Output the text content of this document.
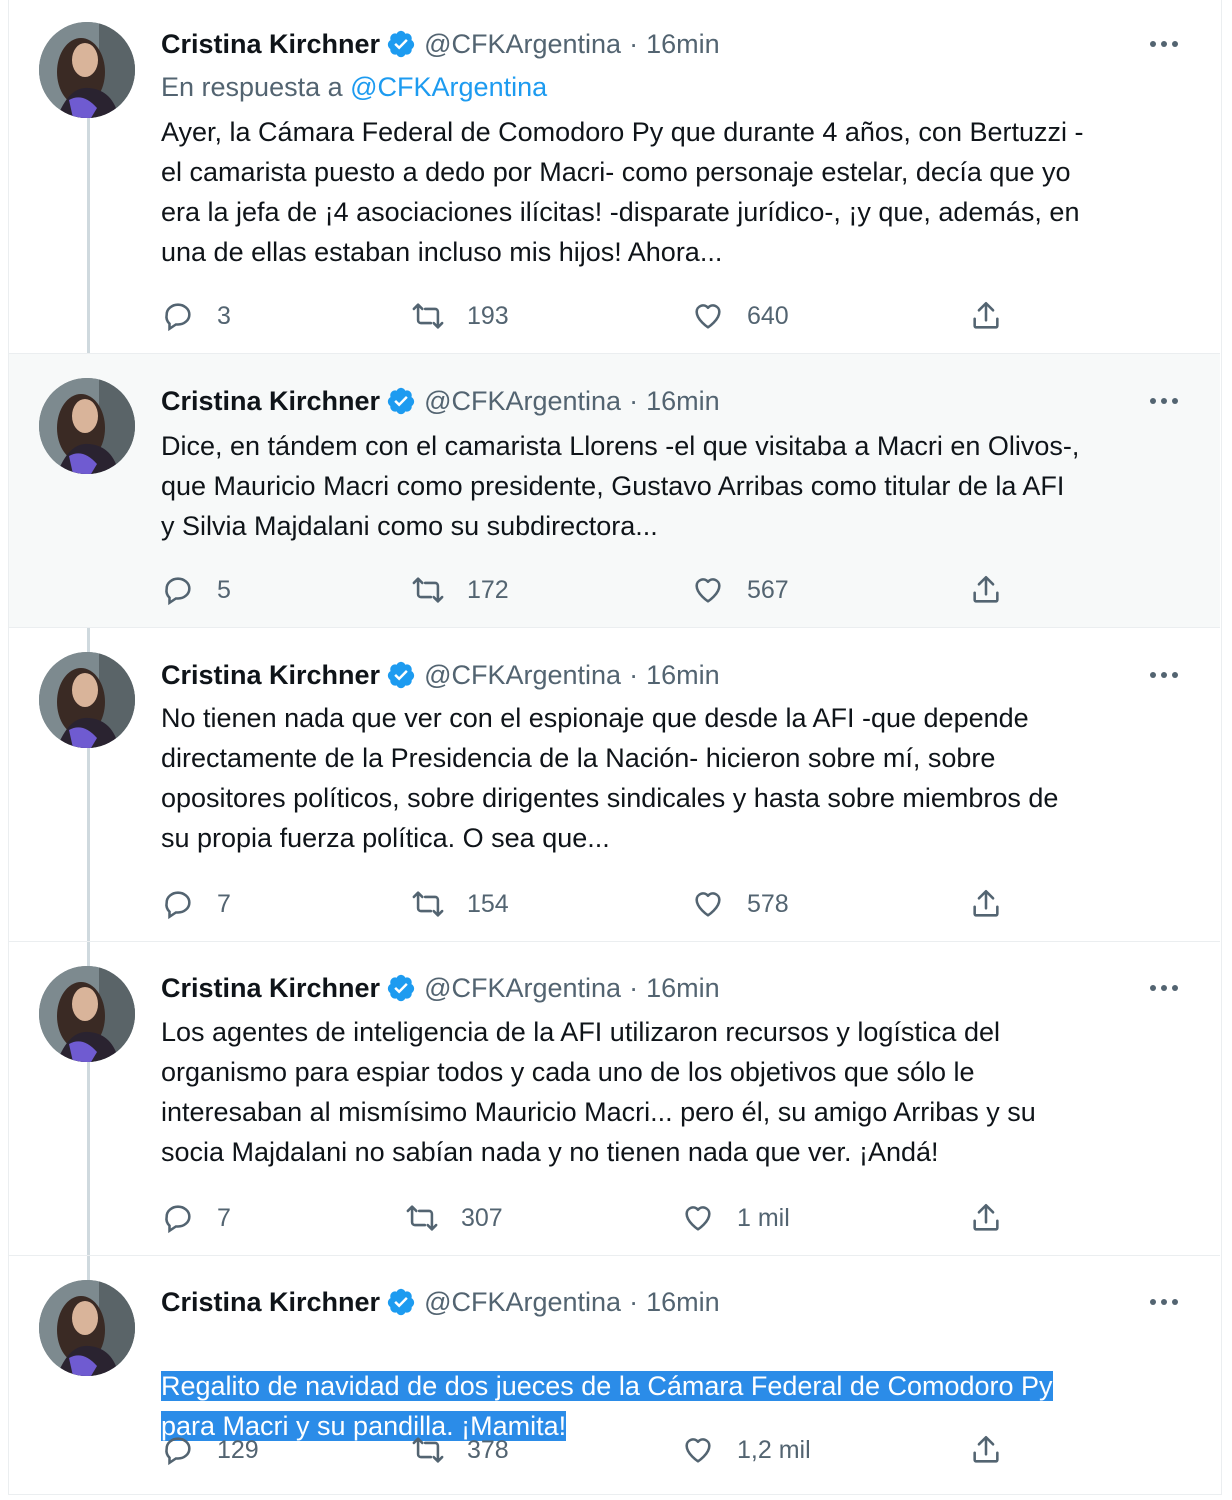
Cristina Kirchner @CFKArgentina · 16min
En respuesta a @CFKArgentina
Ayer, la Cámara Federal de Comodoro Py que durante 4 años, con Bertuzzi -
el camarista puesto a dedo por Macri- como personaje estelar, decía que yo
era la jefa de ¡4 asociaciones ilícitas! -disparate jurídico-, ¡y que, además, en
una de ellas estaban incluso mis hijos! Ahora...
3	193	640
Cristina Kirchner @CFKArgentina · 16min
Dice, en tándem con el camarista Llorens -el que visitaba a Macri en Olivos-,
que Mauricio Macri como presidente, Gustavo Arribas como titular de la AFI
y Silvia Majdalani como su subdirectora...
5	172	567
Cristina Kirchner @CFKArgentina · 16min
No tienen nada que ver con el espionaje que desde la AFI -que depende
directamente de la Presidencia de la Nación- hicieron sobre mí, sobre
opositores políticos, sobre dirigentes sindicales y hasta sobre miembros de
su propia fuerza política. O sea que...
7	154	578
Cristina Kirchner @CFKArgentina · 16min
Los agentes de inteligencia de la AFI utilizaron recursos y logística del
organismo para espiar todos y cada uno de los objetivos que sólo le
interesaban al mismísimo Mauricio Macri... pero él, su amigo Arribas y su
socia Majdalani no sabían nada y no tienen nada que ver. ¡Andá!
7	307	1 mil
Cristina Kirchner @CFKArgentina · 16min

Regalito de navidad de dos jueces de la Cámara Federal de Comodoro Py
para Macri y su pandilla. ¡Mamita!

129	378	1,2 mil
